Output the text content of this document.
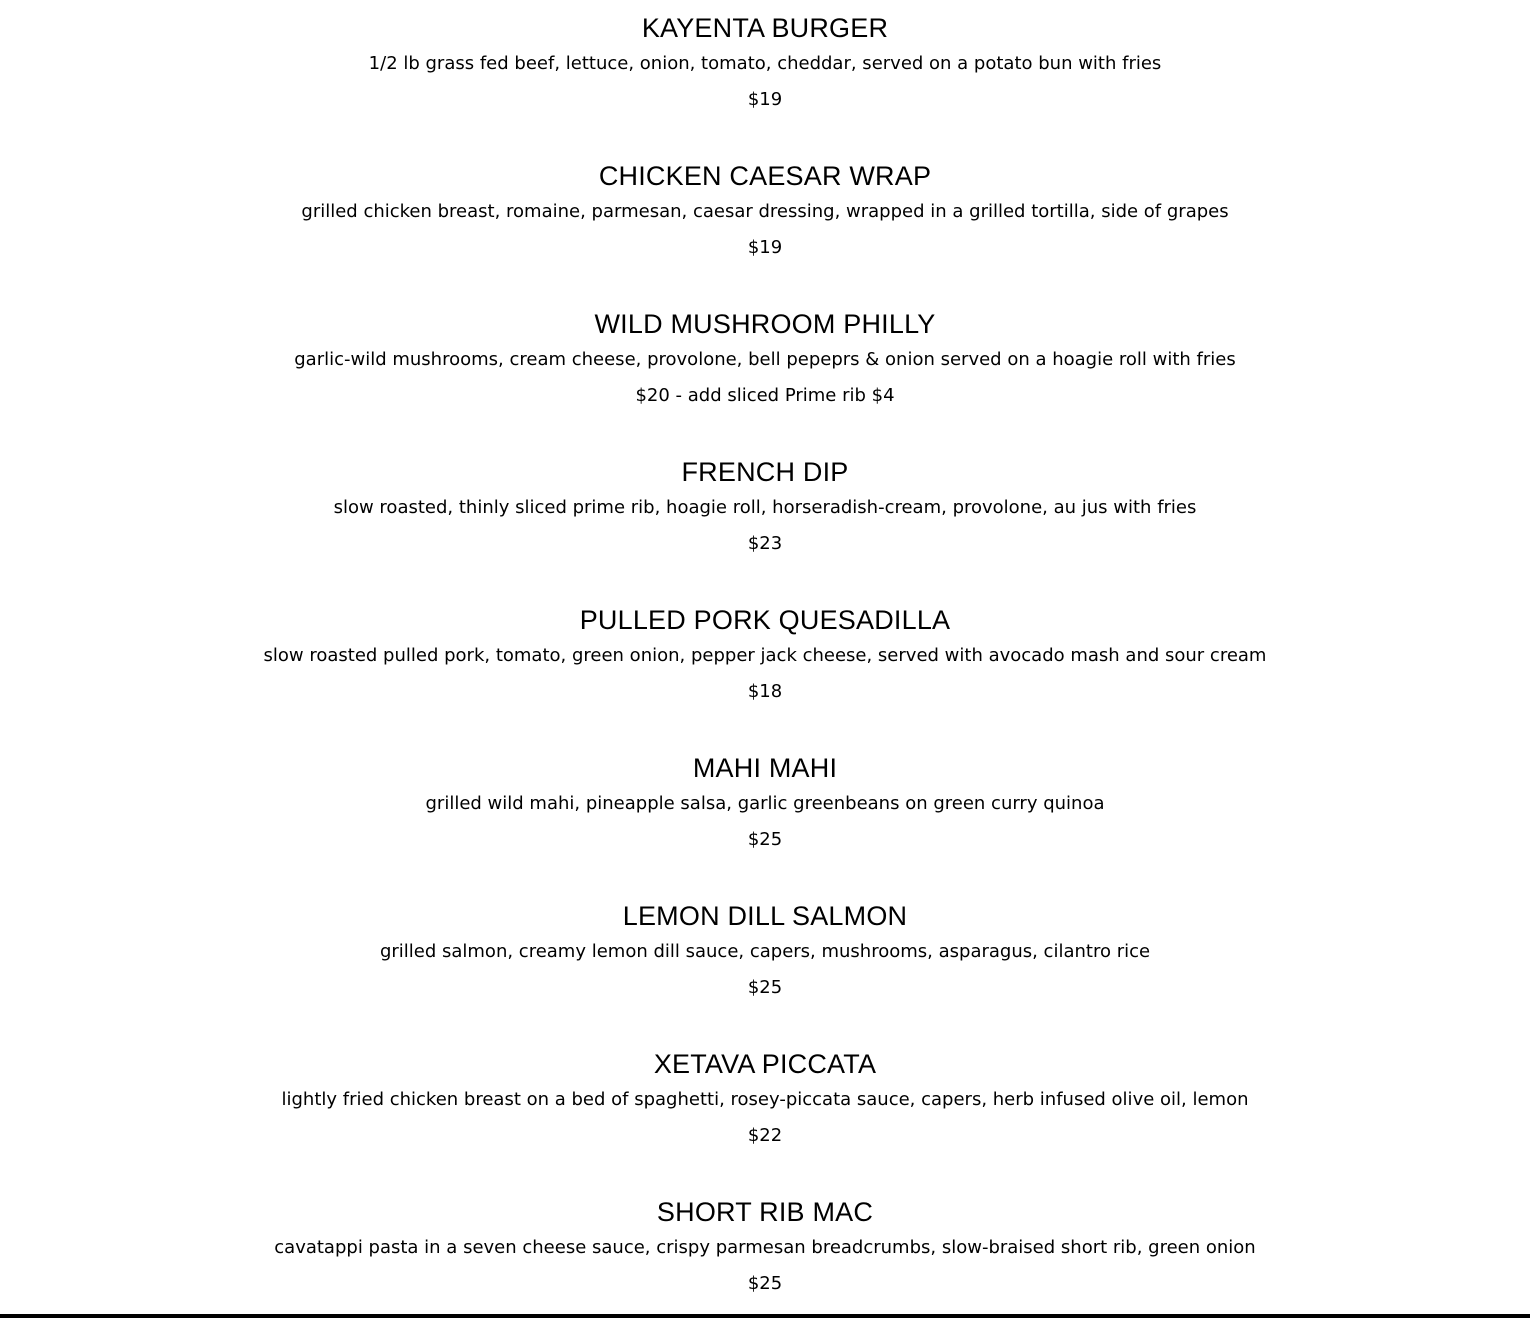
KAYENTA BURGER

1/2 lb grass fed beef, lettuce, onion, tomato, cheddar, served on a potato bun with fries

$19

CHICKEN CAESAR WRAP

grilled chicken breast, romaine, parmesan, caesar dressing, wrapped in a grilled tortilla, side of grapes

$19

WILD MUSHROOM PHILLY

garlic-wild mushrooms, cream cheese, provolone, bell pepeprs & onion served on a hoagie roll with fries

$20 - add sliced Prime rib $4

FRENCH DIP

slow roasted, thinly sliced prime rib, hoagie roll, horseradish-cream, provolone, au jus with fries

$23

PULLED PORK QUESADILLA

slow roasted pulled pork, tomato, green onion, pepper jack cheese, served with avocado mash and sour cream

$18

MAHI MAHI

grilled wild mahi, pineapple salsa, garlic greenbeans on green curry quinoa

$25

LEMON DILL SALMON

grilled salmon, creamy lemon dill sauce, capers, mushrooms, asparagus, cilantro rice

$25

XETAVA PICCATA

lightly fried chicken breast on a bed of spaghetti, rosey-piccata sauce, capers, herb infused olive oil, lemon

$22

SHORT RIB MAC

cavatappi pasta in a seven cheese sauce, crispy parmesan breadcrumbs, slow-braised short rib, green onion

$25
